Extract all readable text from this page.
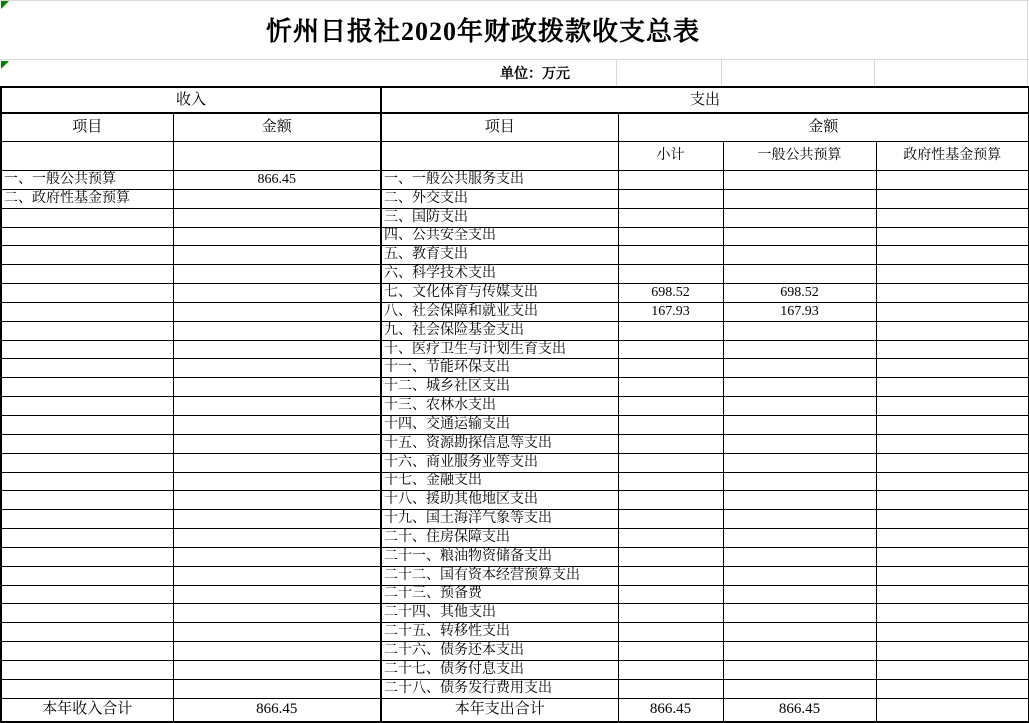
忻州日报社2020年财政拨款收支总表
单位：万元
收入		支出			
项目	金额	项目	金额		
			小计	一般公共预算	政府性基金预算
一、一般公共预算	866.45	一、一般公共服务支出			
二、政府性基金预算		二、外交支出			
		三、国防支出			
		四、公共安全支出			
		五、教育支出			
		六、科学技术支出			
		七、文化体育与传媒支出	698.52	698.52	
		八、社会保障和就业支出	167.93	167.93	
		九、社会保险基金支出			
		十、医疗卫生与计划生育支出			
		十一、节能环保支出			
		十二、城乡社区支出			
		十三、农林水支出			
		十四、交通运输支出			
		十五、资源勘探信息等支出			
		十六、商业服务业等支出			
		十七、金融支出			
		十八、援助其他地区支出			
		十九、国土海洋气象等支出			
		二十、住房保障支出			
		二十一、粮油物资储备支出			
		二十二、国有资本经营预算支出			
		二十三、预备费			
		二十四、其他支出			
		二十五、转移性支出			
		二十六、债务还本支出			
		二十七、债务付息支出			
		二十八、债务发行费用支出			
本年收入合计	866.45	本年支出合计	866.45	866.45	
